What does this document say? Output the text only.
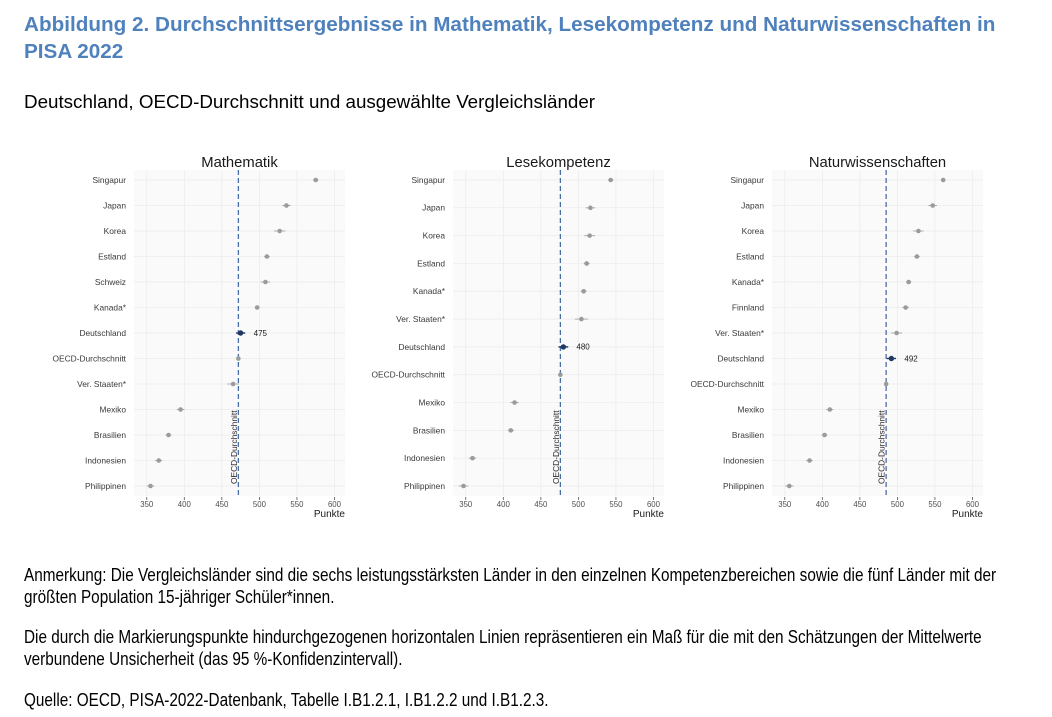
Abbildung 2. Durchschnittsergebnisse in Mathematik, Lesekompetenz und Naturwissenschaften in
PISA 2022
Deutschland, OECD-Durchschnitt und ausgewählte Vergleichsländer
Mathematik
OECD-Durchschnitt
Singapur
Japan
Korea
Estland
Schweiz
Kanada*
Deutschland	475
OECD-Durchschnitt
Ver. Staaten*
Mexiko
Brasilien
Indonesien
Philippinen
350	400	450	500	550	600
Punkte
Lesekompetenz
OECD-Durchschnitt
Singapur
Japan
Korea
Estland
Kanada*
Ver. Staaten*
Deutschland	480
OECD-Durchschnitt
Mexiko
Brasilien
Indonesien
Philippinen
350	400	450	500	550	600
Punkte
Naturwissenschaften
OECD-Durchschnitt
Singapur
Japan
Korea
Estland
Kanada*
Finnland
Ver. Staaten*
Deutschland	492
OECD-Durchschnitt
Mexiko
Brasilien
Indonesien
Philippinen
350	400	450	500	550	600
Punkte
Anmerkung: Die Vergleichsländer sind die sechs leistungsstärksten Länder in den einzelnen Kompetenzbereichen sowie die fünf Länder mit der
größten Population 15-jähriger Schüler*innen.
Die durch die Markierungspunkte hindurchgezogenen horizontalen Linien repräsentieren ein Maß für die mit den Schätzungen der Mittelwerte
verbundene Unsicherheit (das 95 %-Konfidenzintervall).
Quelle: OECD, PISA-2022-Datenbank, Tabelle I.B1.2.1, I.B1.2.2 und I.B1.2.3.
